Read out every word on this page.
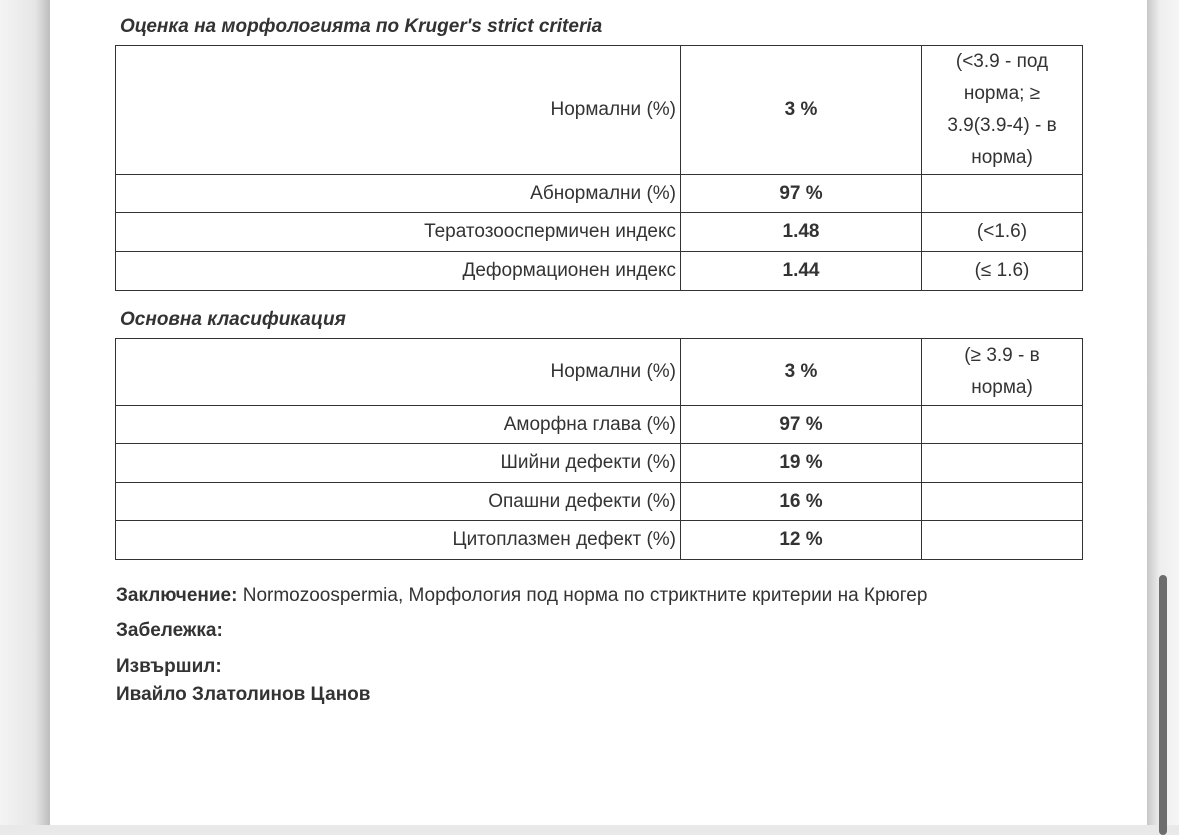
Оценка на морфологията по Kruger's strict criteria
Нормални (%)	3 %	(<3.9 - под норма; ≥ 3.9(3.9-4) - в норма)
Абнормални (%)	97 %	
Тератозооспермичен индекс	1.48	(<1.6)
Деформационен индекс	1.44	(≤ 1.6)
Основна класификация
Нормални (%)	3 %	(≥ 3.9 - в норма)
Аморфна глава (%)	97 %	
Шийни дефекти (%)	19 %	
Опашни дефекти (%)	16 %	
Цитоплазмен дефект (%)	12 %	
Заключение: Normozoospermia, Морфология под норма по стриктните критерии на Крюгер
Забележка:
Извършил:
Ивайло Златолинов Цанов
